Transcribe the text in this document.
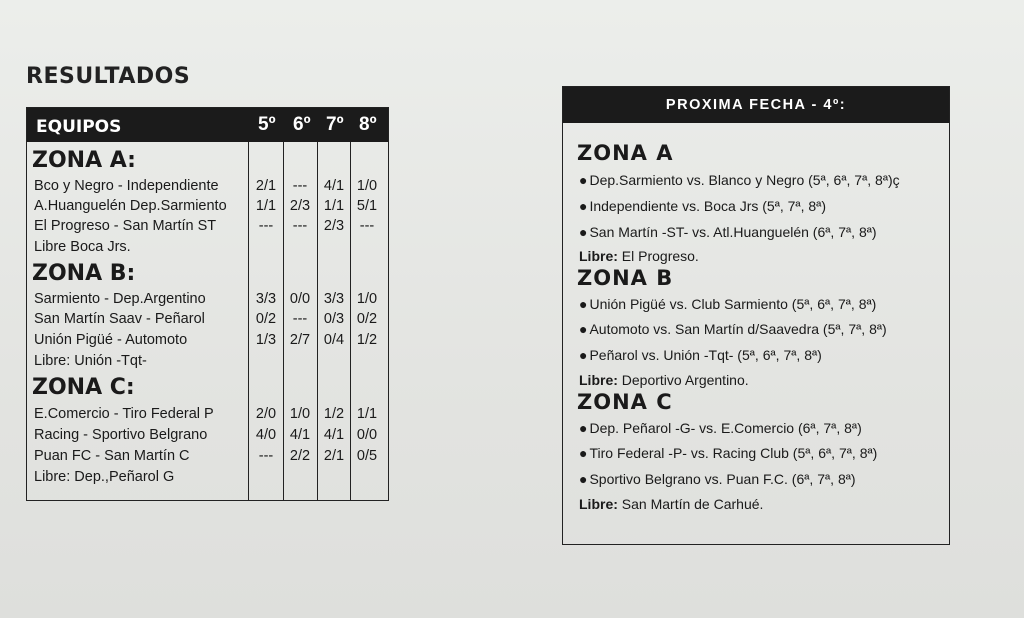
RESULTADOS
EQUIPOS	5º 6º 7º 8º
ZONA A:
Bco y Negro - Independiente	2/1	---	4/1 1/0
A.Huanguelén Dep.Sarmiento	1/1 2/3 1/1 5/1
El Progreso - San Martín ST	---	---	2/3	---
Libre Boca Jrs.
ZONA B:
Sarmiento - Dep.Argentino	3/3 0/0 3/3 1/0
San Martín Saav - Peñarol	0/2	---	0/3 0/2
Unión Pigüé - Automoto	1/3 2/7 0/4 1/2
Libre: Unión -Tqt-
ZONA C:
E.Comercio - Tiro Federal P	2/0 1/0 1/2 1/1
Racing - Sportivo Belgrano	4/0 4/1 4/1 0/0
Puan FC - San Martín C	---	2/2 2/1 0/5
Libre: Dep.,Peñarol G
PROXIMA FECHA - 4º:
ZONA A
● Dep.Sarmiento vs. Blanco y Negro (5ª, 6ª, 7ª, 8ª)ç
● Independiente vs. Boca Jrs (5ª, 7ª, 8ª)
● San Martín -ST- vs. Atl.Huanguelén (6ª, 7ª, 8ª)
Libre: El Progreso.
ZONA B
● Unión Pigüé vs. Club Sarmiento (5ª, 6ª, 7ª, 8ª)
● Automoto vs. San Martín d/Saavedra (5ª, 7ª, 8ª)
● Peñarol vs. Unión -Tqt- (5ª, 6ª, 7ª, 8ª)
Libre: Deportivo Argentino.
ZONA C
● Dep. Peñarol -G- vs. E.Comercio (6ª, 7ª, 8ª)
● Tiro Federal -P- vs. Racing Club (5ª, 6ª, 7ª, 8ª)
● Sportivo Belgrano vs. Puan F.C. (6ª, 7ª, 8ª)
Libre: San Martín de Carhué.
